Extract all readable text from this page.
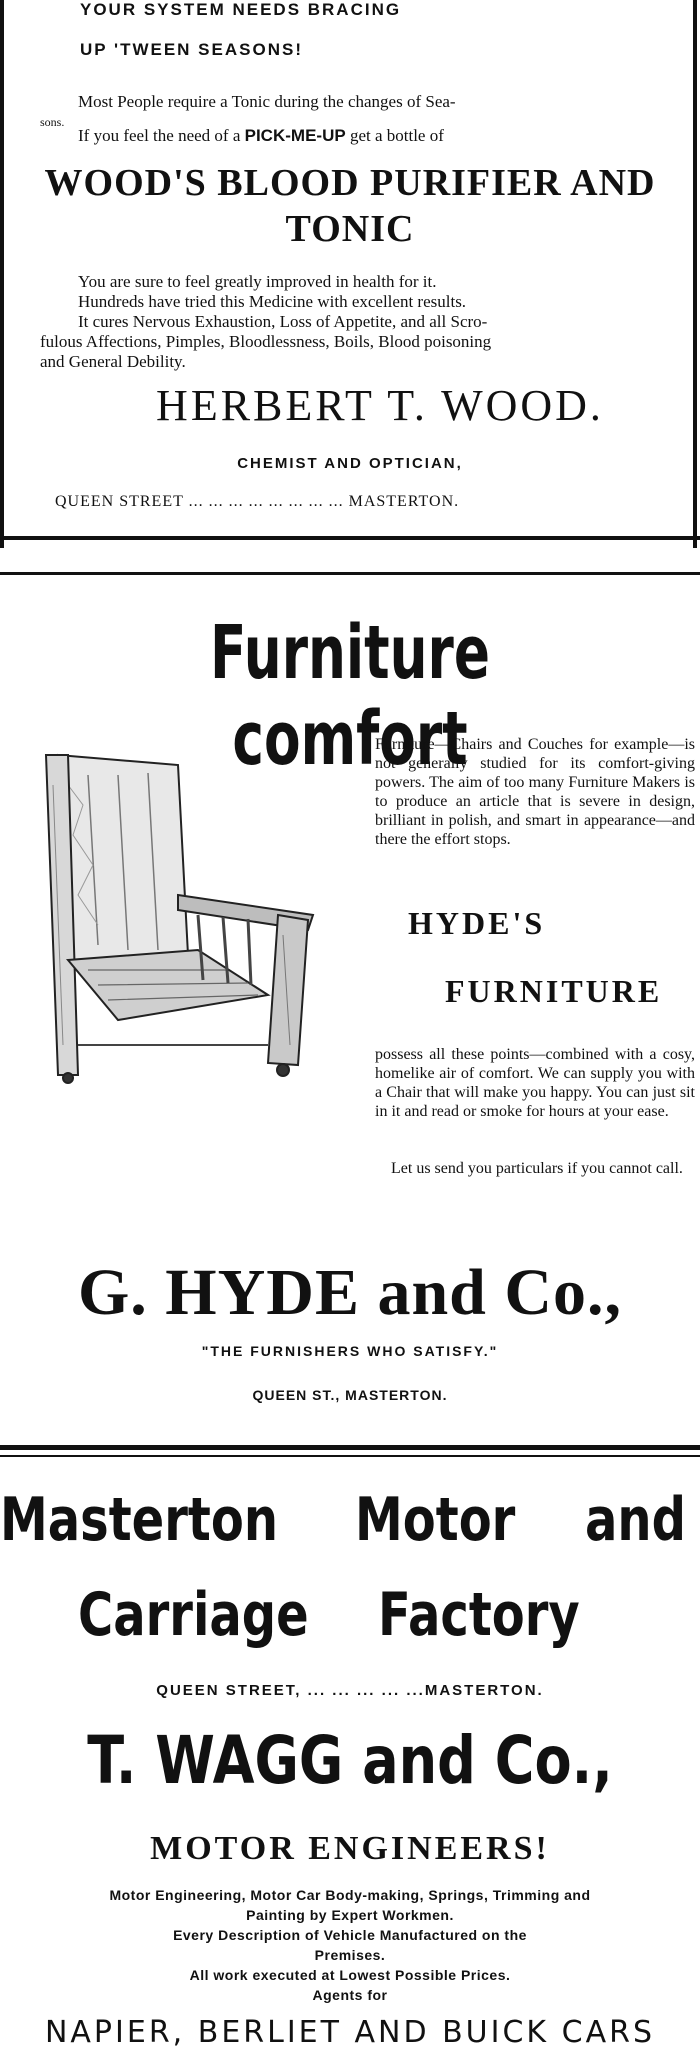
YOUR SYSTEM NEEDS BRACING
UP 'TWEEN SEASONS!
Most People require a Tonic during the changes of Sea-
sons.
If you feel the need of a PICK-ME-UP get a bottle of
WOOD'S BLOOD PURIFIER AND
TONIC
You are sure to feel greatly improved in health for it.
Hundreds have tried this Medicine with excellent results.
It cures Nervous Exhaustion, Loss of Appetite, and all Scro-
fulous Affections, Pimples, Bloodlessness, Boils, Blood poisoning
and General Debility.
HERBERT T. WOOD.
CHEMIST AND OPTICIAN,
QUEEN STREET ... ... ... ... ... ... ... ... MASTERTON.
Furniture comfort
Furniture—Chairs and Couches for example—is not generally studied for its comfort-giving powers. The aim of too many Furniture Makers is to produce an article that is severe in design, brilliant in polish, and smart in appearance—and there the effort stops.
HYDE'S
FURNITURE
possess all these points—combined with a cosy, homelike air of comfort. We can supply you with a Chair that will make you happy. You can just sit in it and read or smoke for hours at your ease.
Let us send you particulars if you cannot call.
G. HYDE and Co.,
"THE FURNISHERS WHO SATISFY."
QUEEN ST., MASTERTON.
Masterton Motor and
Carriage Factory
QUEEN STREET, ... ... ... ... ...MASTERTON.
T. WAGG and Co.,
MOTOR ENGINEERS!
Motor Engineering, Motor Car Body-making, Springs, Trimming and
Painting by Expert Workmen.
Every Description of Vehicle Manufactured on the
Premises.
All work executed at Lowest Possible Prices.
Agents for
NAPIER, BERLIET AND BUICK CARS
